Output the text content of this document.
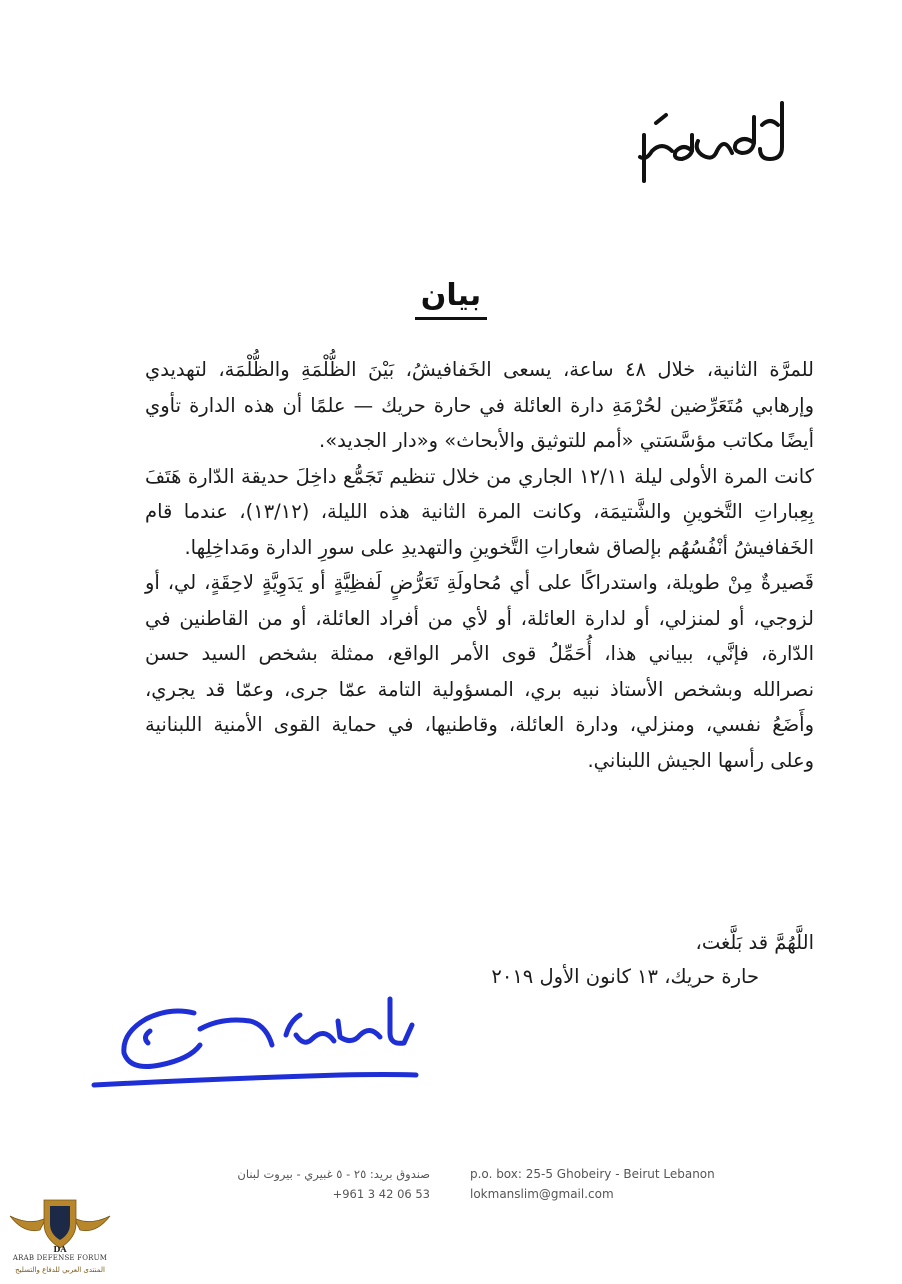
بيان

للمرَّة الثانية، خلال ٤٨ ساعة، يسعى الخَفافيشُ، بَيْنَ الظُّلْمَةِ والظُّلْمَة، لتهديدي وإرهابي مُتَعَرِّضين لحُرْمَةِ دارة العائلة في حارة حريك — علمًا أن هذه الدارة تأوي أيضًا مكاتب مؤسَّسَتي «أمم للتوثيق والأبحاث» و«دار الجديد».

كانت المرة الأولى ليلة ١٢/١١ الجاري من خلال تنظيم تَجَمُّع داخِلَ حديقة الدّارة هَتَفَ بِعِباراتِ التَّخوينِ والشَّتيمَة، وكانت المرة الثانية هذه الليلة، (١٣/١٢)، عندما قام الخَفافيشُ أنْفُسُهُم بإلصاق شعاراتِ التَّخوينِ والتهديدِ على سورِ الدارة ومَداخِلِها.

قَصيرةٌ مِنْ طويلة، واستدراكًا على أي مُحاولَةِ تَعَرُّضٍ لَفظِيَّةٍ أو يَدَوِيَّةٍ لاحِقَةٍ، لي، أو لزوجي، أو لمنزلي، أو لدارة العائلة، أو لأي من أفراد العائلة، أو من القاطنين في الدّارة، فإنَّي، ببياني هذا، أُحَمِّلُ قوى الأمر الواقع، ممثلة بشخص السيد حسن نصرالله وبشخص الأستاذ نبيه بري، المسؤولية التامة عمّا جرى، وعمّا قد يجري، وأَضَعُ نفسي، ومنزلي، ودارة العائلة، وقاطنيها، في حماية القوى الأمنية اللبنانية وعلى رأسها الجيش اللبناني.

اللَّهُمَّ قد بَلَّغت،
حارة حريك، ١٣ كانون الأول ٢٠١٩
صندوق بريد: ٢٥ - ٥ غبيري - بيروت لبنان
+961 3 42 06 53
p.o. box: 25-5 Ghobeiry - Beirut Lebanon
lokmanslim@gmail.com
DA
ARAB DEFENSE FORUM
المنتدى العربي للدفاع والتسليح
